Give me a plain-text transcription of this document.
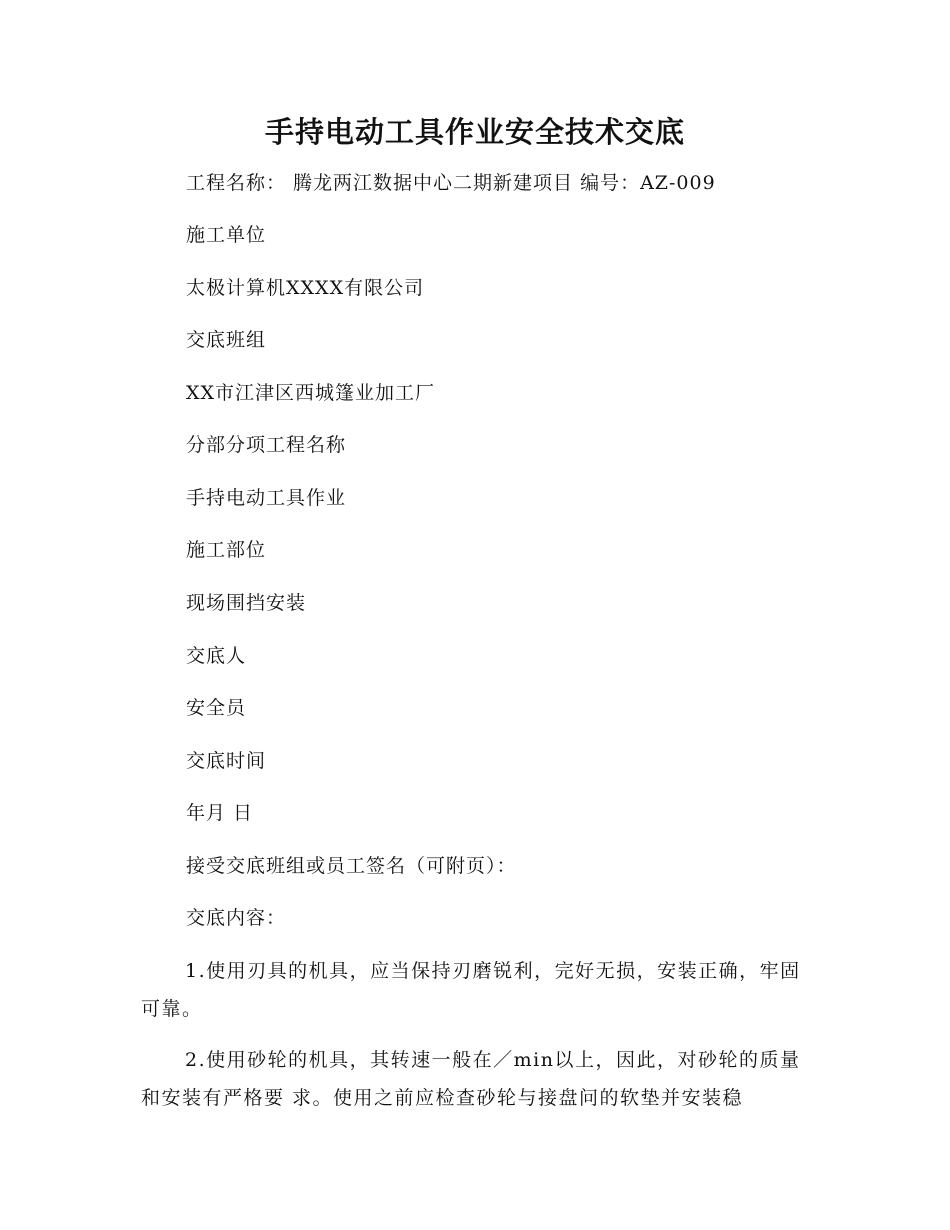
手持电动工具作业安全技术交底
工程名称： 腾龙两江数据中心二期新建项目 编号：AZ-009
施工单位
太极计算机XXXX有限公司
交底班组
XX市江津区西城篷业加工厂
分部分项工程名称
手持电动工具作业
施工部位
现场围挡安装
交底人
安全员
交底时间
年月 日
接受交底班组或员工签名（可附页）：
交底内容：

1.使用刃具的机具，应当保持刃磨锐利，完好无损，安装正确，牢固可靠。

2.使用砂轮的机具，其转速一般在／min以上，因此，对砂轮的质量和安装有严格要 求。使用之前应检查砂轮与接盘问的软垫并安装稳
